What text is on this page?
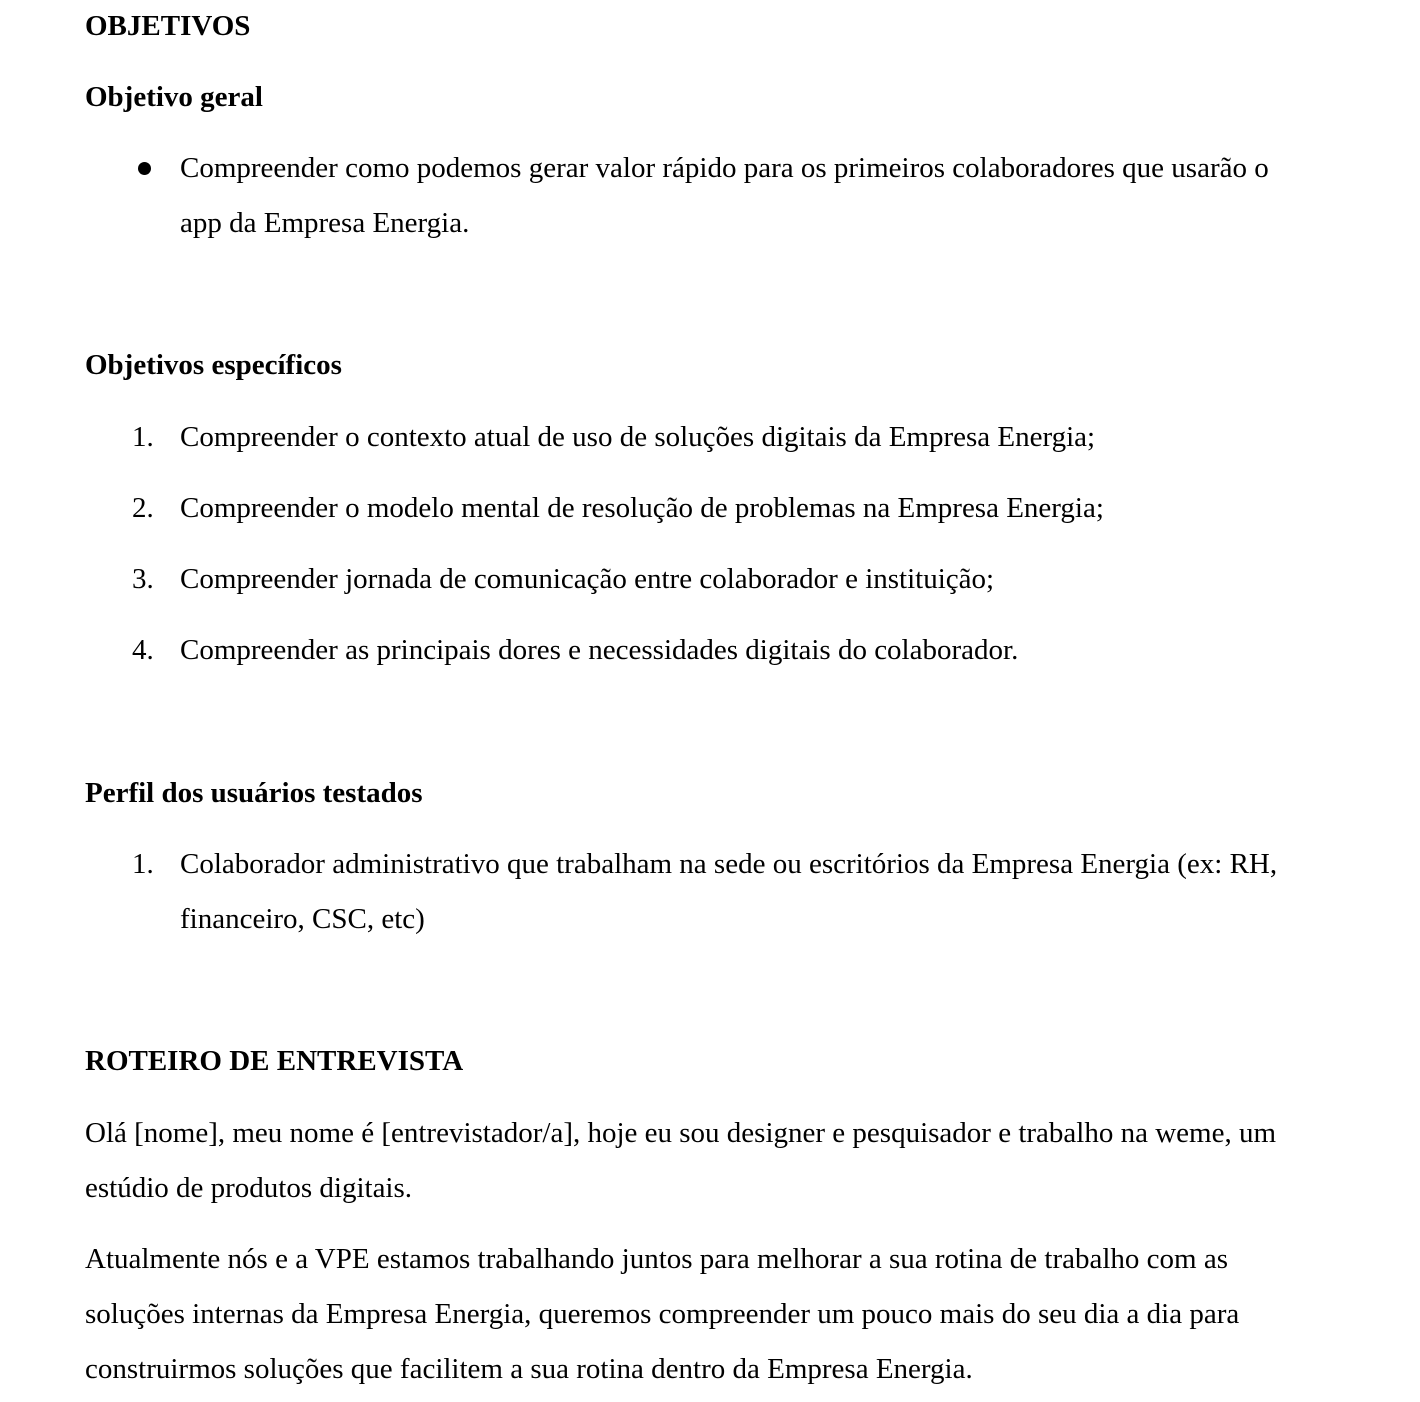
OBJETIVOS
Objetivo geral
Compreender como podemos gerar valor rápido para os primeiros colaboradores que usarão o app da Empresa Energia.
Objetivos específicos
1. Compreender o contexto atual de uso de soluções digitais da Empresa Energia;
2. Compreender o modelo mental de resolução de problemas na Empresa Energia;
3. Compreender jornada de comunicação entre colaborador e instituição;
4. Compreender as principais dores e necessidades digitais do colaborador.
Perfil dos usuários testados
1. Colaborador administrativo que trabalham na sede ou escritórios da Empresa Energia (ex: RH, financeiro, CSC, etc)
ROTEIRO DE ENTREVISTA

Olá [nome], meu nome é [entrevistador/a], hoje eu sou designer e pesquisador e trabalho na weme, um estúdio de produtos digitais.

Atualmente nós e a VPE estamos trabalhando juntos para melhorar a sua rotina de trabalho com as soluções internas da Empresa Energia, queremos compreender um pouco mais do seu dia a dia para construirmos soluções que facilitem a sua rotina dentro da Empresa Energia.
